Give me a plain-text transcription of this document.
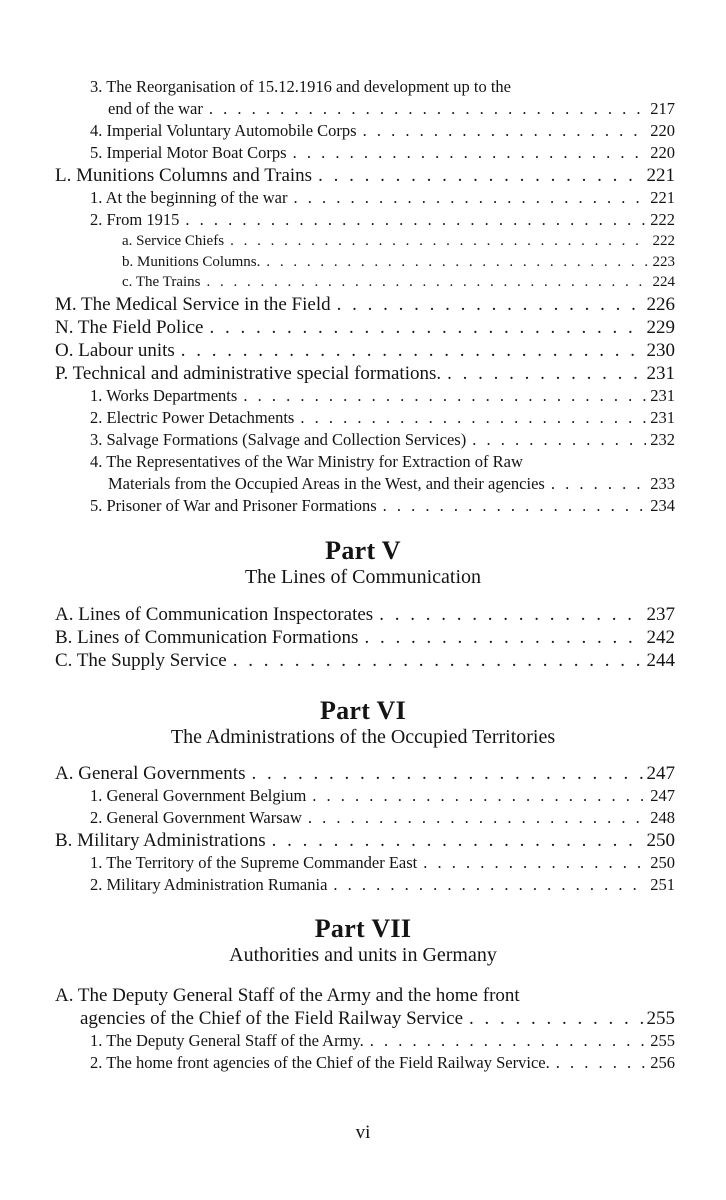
3. The Reorganisation of 15.12.1916 and development up to the
end of the war . . .	217
4. Imperial Voluntary Automobile Corps . . .	220
5. Imperial Motor Boat Corps . . .	220
L. Munitions Columns and Trains . . .	221
1. At the beginning of the war . . .	221
2. From 1915 . . .	222
a. Service Chiefs . . .	222
b. Munitions Columns. . . .	223
c. The Trains . . .	224
M. The Medical Service in the Field . . .	226
N. The Field Police . . .	229
O. Labour units . . .	230
P. Technical and administrative special formations. . . .	231
1. Works Departments . . .	231
2. Electric Power Detachments . . .	231
3. Salvage Formations (Salvage and Collection Services) . . .	232
4. The Representatives of the War Ministry for Extraction of Raw
Materials from the Occupied Areas in the West, and their agencies . . .	233
5. Prisoner of War and Prisoner Formations . . .	234
Part V
The Lines of Communication
A. Lines of Communication Inspectorates . . .	237
B. Lines of Communication Formations . . .	242
C. The Supply Service . . .	244
Part VI
The Administrations of the Occupied Territories
A. General Governments . . .	247
1. General Government Belgium . . .	247
2. General Government Warsaw . . .	248
B. Military Administrations . . .	250
1. The Territory of the Supreme Commander East . . .	250
2. Military Administration Rumania . . .	251
Part VII
Authorities and units in Germany
A. The Deputy General Staff of the Army and the home front
agencies of the Chief of the Field Railway Service . . .	255
1. The Deputy General Staff of the Army. . . .	255
2. The home front agencies of the Chief of the Field Railway Service. . . .	256
vi
